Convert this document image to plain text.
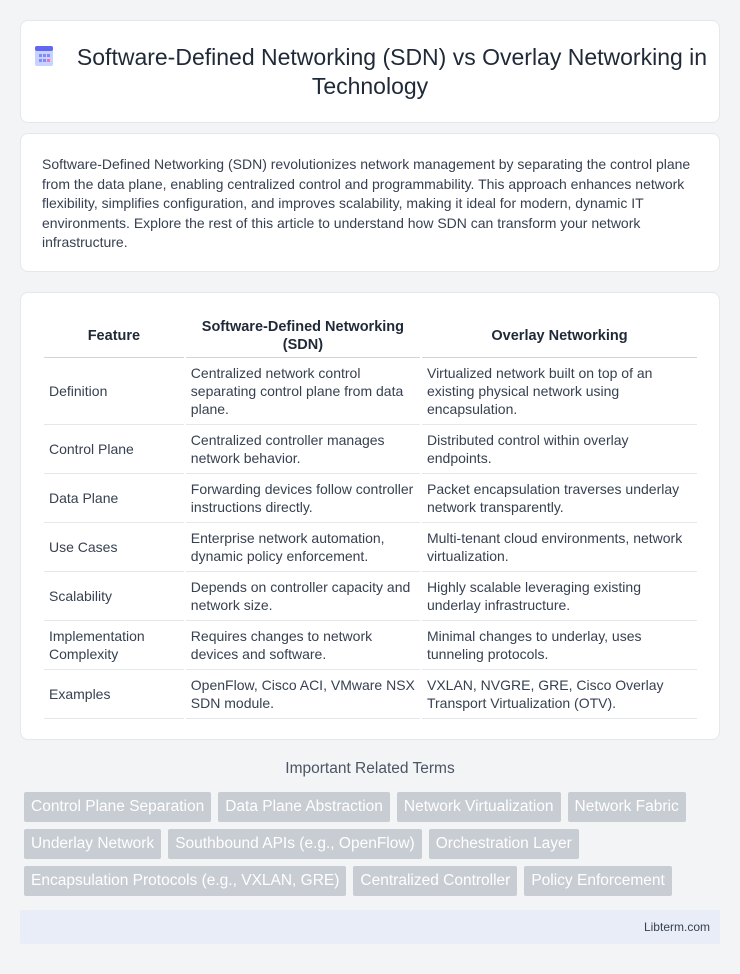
Software-Defined Networking (SDN) vs Overlay Networking in Technology

Software-Defined Networking (SDN) revolutionizes network management by separating the control plane from the data plane, enabling centralized control and programmability. This approach enhances network flexibility, simplifies configuration, and improves scalability, making it ideal for modern, dynamic IT environments. Explore the rest of this article to understand how SDN can transform your network infrastructure.

Feature	Software-Defined Networking (SDN)	Overlay Networking
Definition	Centralized network control separating control plane from data plane.	Virtualized network built on top of an existing physical network using encapsulation.
Control Plane	Centralized controller manages network behavior.	Distributed control within overlay endpoints.
Data Plane	Forwarding devices follow controller instructions directly.	Packet encapsulation traverses underlay network transparently.
Use Cases	Enterprise network automation, dynamic policy enforcement.	Multi-tenant cloud environments, network virtualization.
Scalability	Depends on controller capacity and network size.	Highly scalable leveraging existing underlay infrastructure.
Implementation Complexity	Requires changes to network devices and software.	Minimal changes to underlay, uses tunneling protocols.
Examples	OpenFlow, Cisco ACI, VMware NSX SDN module.	VXLAN, NVGRE, GRE, Cisco Overlay Transport Virtualization (OTV).
Important Related Terms
Control Plane Separation	Data Plane Abstraction	Network Virtualization	Network Fabric
Underlay Network	Southbound APIs (e.g., OpenFlow)	Orchestration Layer
Encapsulation Protocols (e.g., VXLAN, GRE)	Centralized Controller	Policy Enforcement
Libterm.com
